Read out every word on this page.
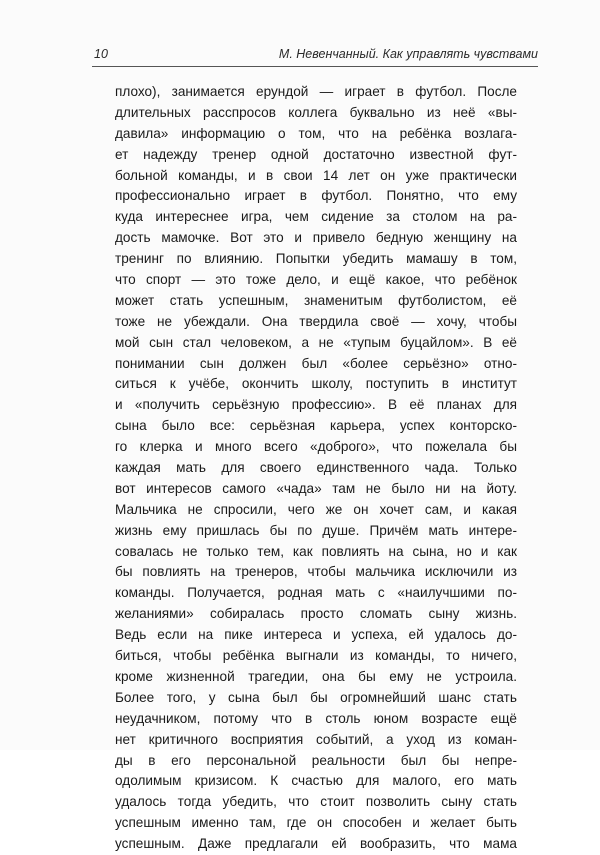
10	М. Невенчанный. Как управлять чувствами
плохо), занимается ерундой — играет в футбол. После
длительных расспросов коллега буквально из неё «вы-
давила» информацию о том, что на ребёнка возлага-
ет надежду тренер одной достаточно известной фут-
больной команды, и в свои 14 лет он уже практически
профессионально играет в футбол. Понятно, что ему
куда интереснее игра, чем сидение за столом на ра-
дость мамочке. Вот это и привело бедную женщину на
тренинг по влиянию. Попытки убедить мамашу в том,
что спорт — это тоже дело, и ещё какое, что ребёнок
может стать успешным, знаменитым футболистом, её
тоже не убеждали. Она твердила своё — хочу, чтобы
мой сын стал человеком, а не «тупым буцайлом». В её
понимании сын должен был «более серьёзно» отно-
ситься к учёбе, окончить школу, поступить в институт
и «получить серьёзную профессию». В её планах для
сына было все: серьёзная карьера, успех конторско-
го клерка и много всего «доброго», что пожелала бы
каждая мать для своего единственного чада. Только
вот интересов самого «чада» там не было ни на йоту.
Мальчика не спросили, чего же он хочет сам, и какая
жизнь ему пришлась бы по душе. Причём мать интере-
совалась не только тем, как повлиять на сына, но и как
бы повлиять на тренеров, чтобы мальчика исключили из
команды. Получается, родная мать с «наилучшими по-
желаниями» собиралась просто сломать сыну жизнь.
Ведь если на пике интереса и успеха, ей удалось до-
биться, чтобы ребёнка выгнали из команды, то ничего,
кроме жизненной трагедии, она бы ему не устроила.
Более того, у сына был бы огромнейший шанс стать
неудачником, потому что в столь юном возрасте ещё
нет критичного восприятия событий, а уход из коман-
ды в его персональной реальности был бы непре-
одолимым кризисом. К счастью для малого, его мать
удалось тогда убедить, что стоит позволить сыну стать
успешным именно там, где он способен и желает быть
успешным. Даже предлагали ей вообразить, что мама
